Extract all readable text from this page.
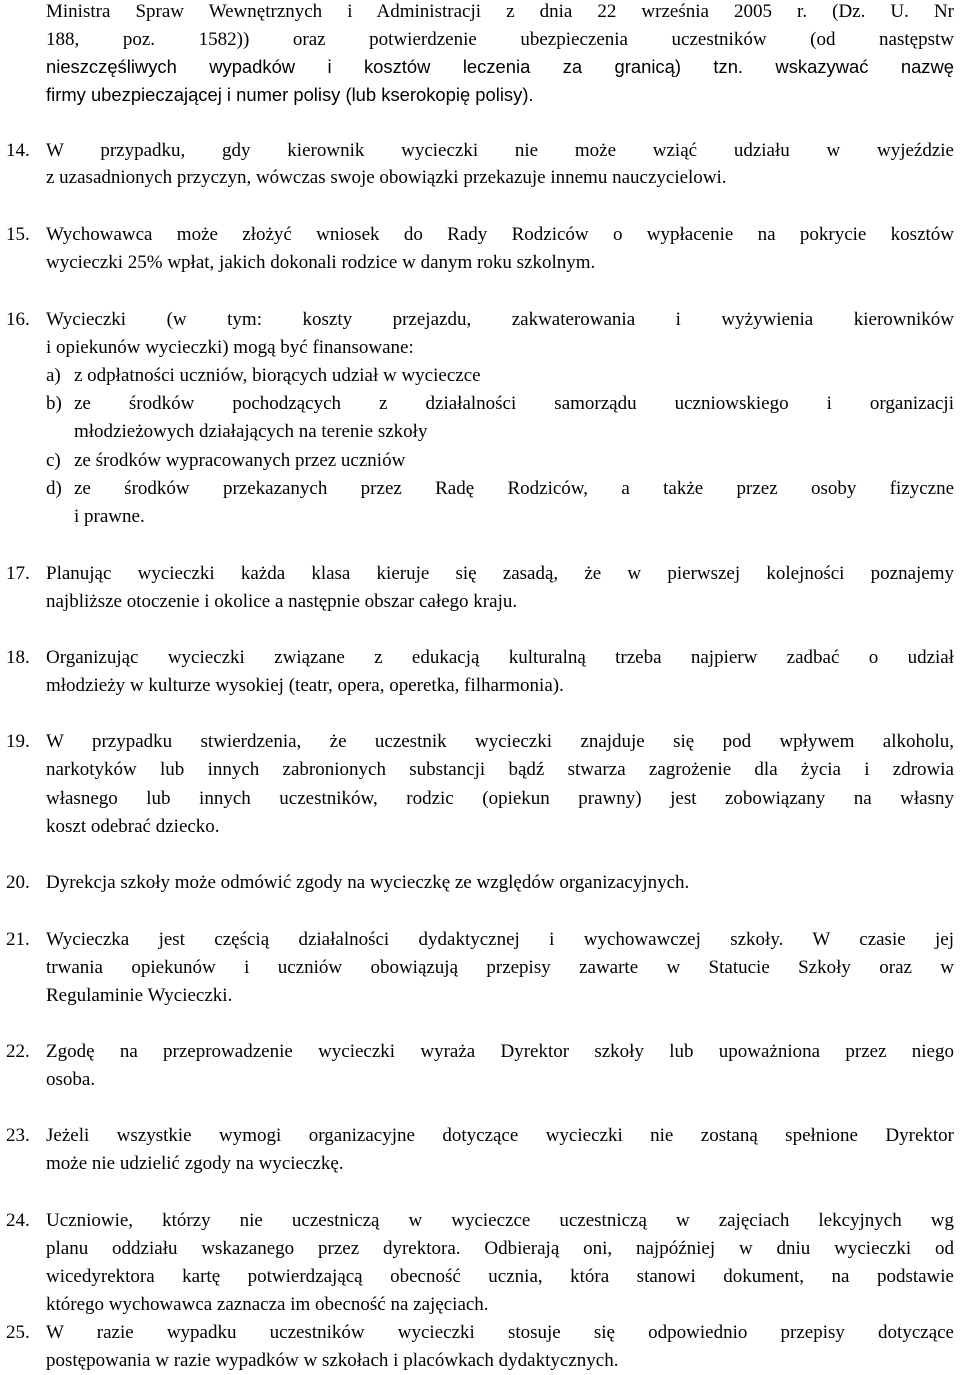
Ministra Spraw Wewnętrznych i Administracji z dnia 22 września 2005 r. (Dz. U. Nr
188, poz. 1582)) oraz potwierdzenie ubezpieczenia uczestników (od następstw
nieszczęśliwych wypadków i kosztów leczenia za granicą) tzn. wskazywać nazwę
firmy ubezpieczającej i numer polisy (lub kserokopię polisy).
14. W przypadku, gdy kierownik wycieczki nie może wziąć udziału w wyjeździe
z uzasadnionych przyczyn, wówczas swoje obowiązki przekazuje innemu nauczycielowi.
15. Wychowawca może złożyć wniosek do Rady Rodziców o wypłacenie na pokrycie kosztów
wycieczki 25% wpłat, jakich dokonali rodzice w danym roku szkolnym.
16. Wycieczki (w tym: koszty przejazdu, zakwaterowania i wyżywienia kierowników
i opiekunów wycieczki) mogą być finansowane:
a) z odpłatności uczniów, biorących udział w wycieczce
b) ze środków pochodzących z działalności samorządu uczniowskiego i organizacji
młodzieżowych działających na terenie szkoły
c) ze środków wypracowanych przez uczniów
d) ze środków przekazanych przez Radę Rodziców, a także przez osoby fizyczne
i prawne.
17. Planując wycieczki każda klasa kieruje się zasadą, że w pierwszej kolejności poznajemy
najbliższe otoczenie i okolice a następnie obszar całego kraju.
18. Organizując wycieczki związane z edukacją kulturalną trzeba najpierw zadbać o udział
młodzieży w kulturze wysokiej (teatr, opera, operetka, filharmonia).
19. W przypadku stwierdzenia, że uczestnik wycieczki znajduje się pod wpływem alkoholu,
narkotyków lub innych zabronionych substancji bądź stwarza zagrożenie dla życia i zdrowia
własnego lub innych uczestników, rodzic (opiekun prawny) jest zobowiązany na własny
koszt odebrać dziecko.
20. Dyrekcja szkoły może odmówić zgody na wycieczkę ze względów organizacyjnych.
21. Wycieczka jest częścią działalności dydaktycznej i wychowawczej szkoły. W czasie jej
trwania opiekunów i uczniów obowiązują przepisy zawarte w Statucie Szkoły oraz w
Regulaminie Wycieczki.
22. Zgodę na przeprowadzenie wycieczki wyraża Dyrektor szkoły lub upoważniona przez niego
osoba.
23. Jeżeli wszystkie wymogi organizacyjne dotyczące wycieczki nie zostaną spełnione Dyrektor
może nie udzielić zgody na wycieczkę.
24. Uczniowie, którzy nie uczestniczą w wycieczce uczestniczą w zajęciach lekcyjnych wg
planu oddziału wskazanego przez dyrektora. Odbierają oni, najpóźniej w dniu wycieczki od
wicedyrektora kartę potwierdzającą obecność ucznia, która stanowi dokument, na podstawie
którego wychowawca zaznacza im obecność na zajęciach.
25. W razie wypadku uczestników wycieczki stosuje się odpowiednio przepisy dotyczące
postępowania w razie wypadków w szkołach i placówkach dydaktycznych.
